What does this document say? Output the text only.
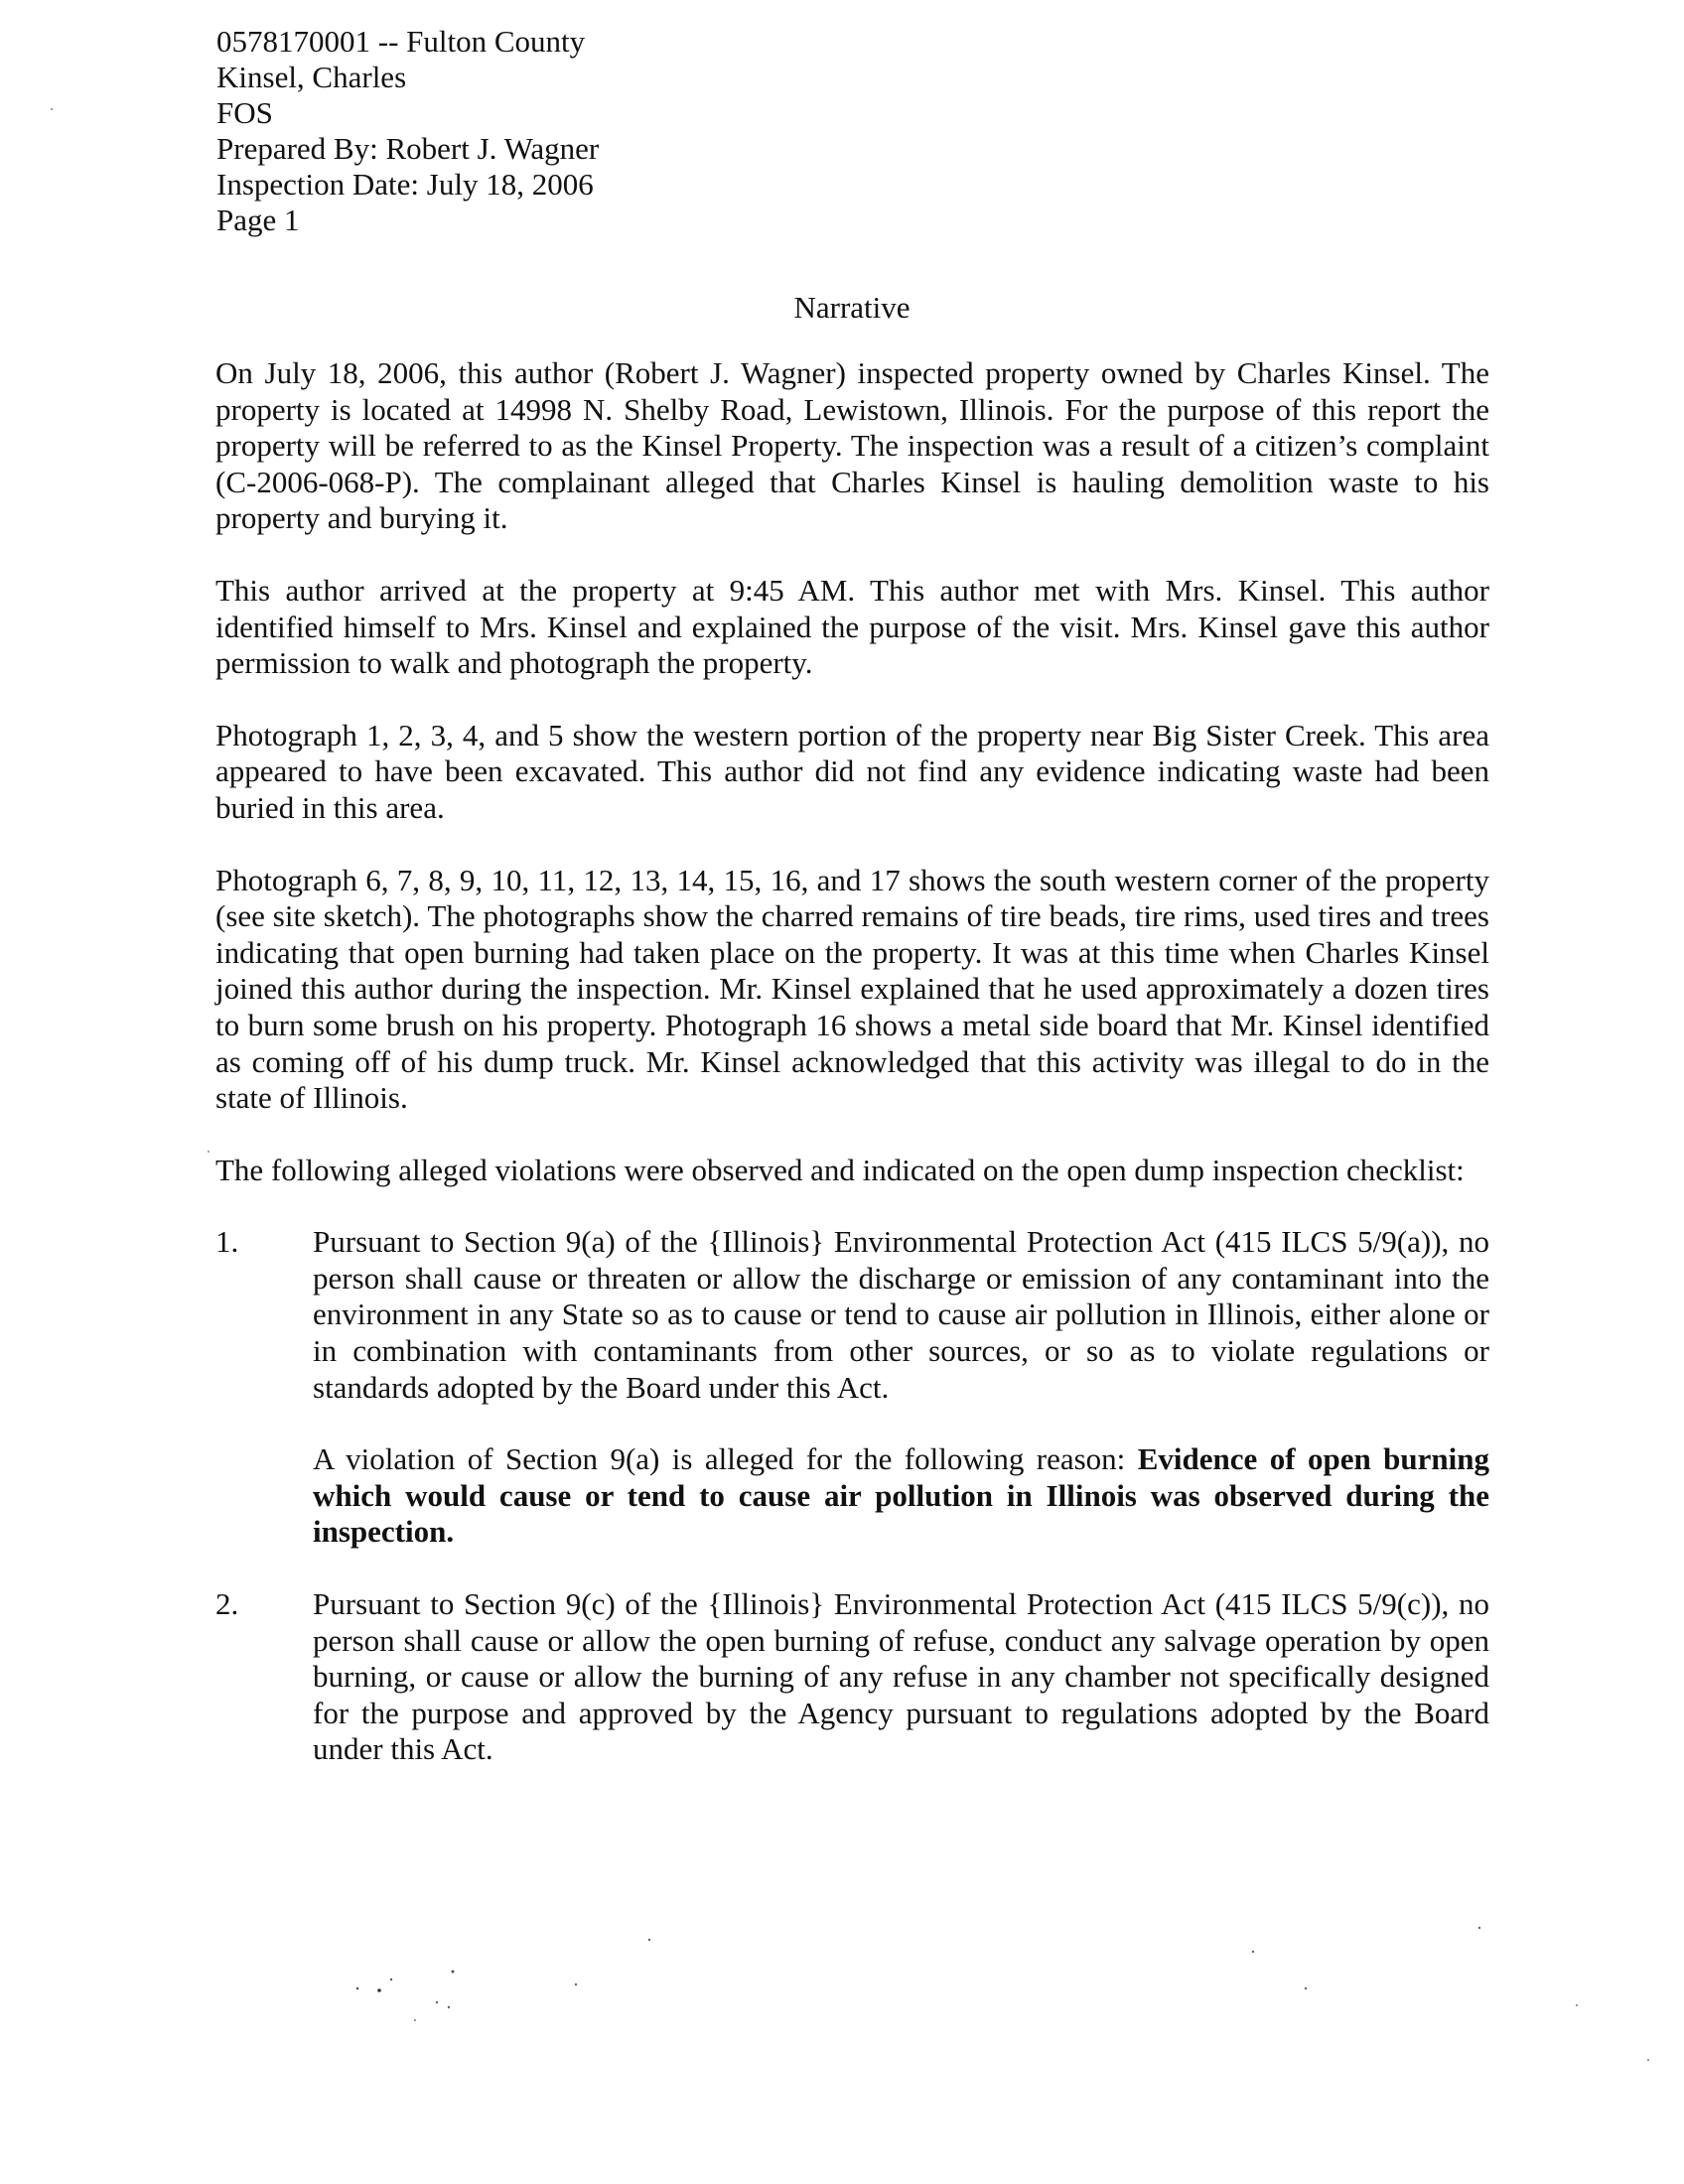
0578170001 -- Fulton County
Kinsel, Charles
FOS
Prepared By: Robert J. Wagner
Inspection Date: July 18, 2006
Page 1
Narrative

On July 18, 2006, this author (Robert J. Wagner) inspected property owned by Charles Kinsel. The property is located at 14998 N. Shelby Road, Lewistown, Illinois. For the purpose of this report the property will be referred to as the Kinsel Property. The inspection was a result of a citizen’s complaint (C-2006-068-P). The complainant alleged that Charles Kinsel is hauling demolition waste to his property and burying it.

This author arrived at the property at 9:45 AM. This author met with Mrs. Kinsel. This author identified himself to Mrs. Kinsel and explained the purpose of the visit. Mrs. Kinsel gave this author permission to walk and photograph the property.

Photograph 1, 2, 3, 4, and 5 show the western portion of the property near Big Sister Creek. This area appeared to have been excavated. This author did not find any evidence indicating waste had been buried in this area.

Photograph 6, 7, 8, 9, 10, 11, 12, 13, 14, 15, 16, and 17 shows the south western corner of the property (see site sketch). The photographs show the charred remains of tire beads, tire rims, used tires and trees indicating that open burning had taken place on the property. It was at this time when Charles Kinsel joined this author during the inspection. Mr. Kinsel explained that he used approximately a dozen tires to burn some brush on his property. Photograph 16 shows a metal side board that Mr. Kinsel identified as coming off of his dump truck. Mr. Kinsel acknowledged that this activity was illegal to do in the state of Illinois.

The following alleged violations were observed and indicated on the open dump inspection checklist:

1. Pursuant to Section 9(a) of the {Illinois} Environmental Protection Act (415 ILCS 5/9(a)), no person shall cause or threaten or allow the discharge or emission of any contaminant into the environment in any State so as to cause or tend to cause air pollution in Illinois, either alone or in combination with contaminants from other sources, or so as to violate regulations or standards adopted by the Board under this Act.
A violation of Section 9(a) is alleged for the following reason: Evidence of open burning which would cause or tend to cause air pollution in Illinois was observed during the inspection.
2. Pursuant to Section 9(c) of the {Illinois} Environmental Protection Act (415 ILCS 5/9(c)), no person shall cause or allow the open burning of refuse, conduct any salvage operation by open burning, or cause or allow the burning of any refuse in any chamber not specifically designed for the purpose and approved by the Agency pursuant to regulations adopted by the Board under this Act.
